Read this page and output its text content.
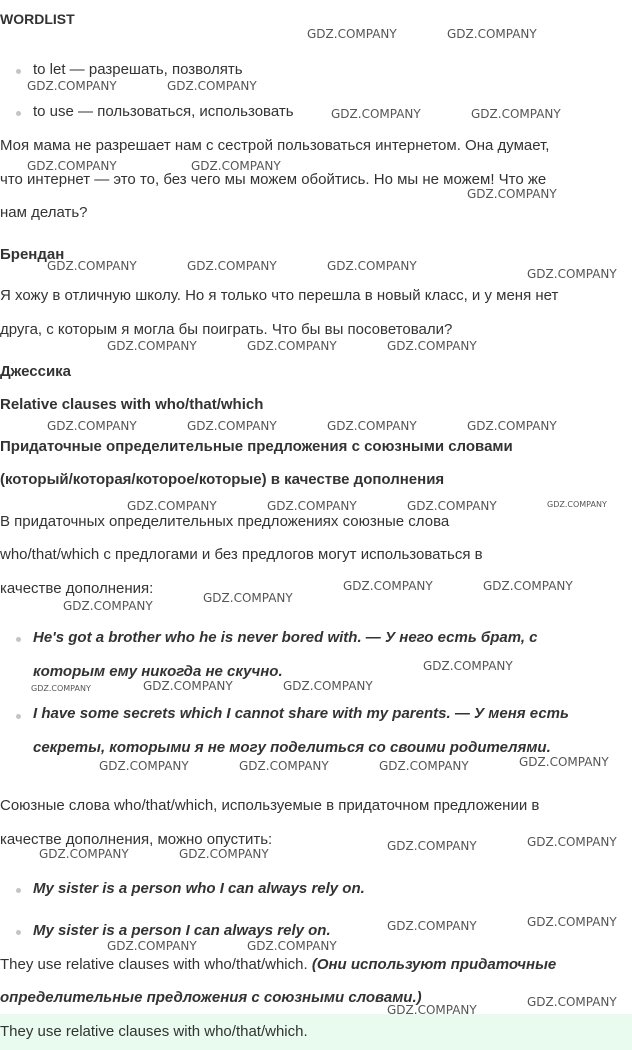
WORDLIST
to let — разрешать, позволять
to use — пользоваться, использовать
Моя мама не разрешает нам с сестрой пользоваться интернетом. Она думает,
что интернет — это то, без чего мы можем обойтись. Но мы не можем! Что же
нам делать?
Брендан
Я хожу в отличную школу. Но я только что перешла в новый класс, и у меня нет
друга, с которым я могла бы поиграть. Что бы вы посоветовали?
Джессика
Relative clauses with who/that/which
Придаточные определительные предложения с союзными словами
(который/которая/которое/которые) в качестве дополнения
В придаточных определительных предложениях союзные слова
who/that/which с предлогами и без предлогов могут использоваться в
качестве дополнения:
He's got a brother who he is never bored with. — У него есть брат, с
которым ему никогда не скучно.
I have some secrets which I cannot share with my parents. — У меня есть
секреты, которыми я не могу поделиться со своими родителями.
Союзные слова who/that/which, используемые в придаточном предложении в
качестве дополнения, можно опустить:
My sister is a person who I can always rely on.
My sister is a person I can always rely on.
They use relative clauses with who/that/which. (Они используют придаточные
определительные предложения с союзными словами.)
They use relative clauses with who/that/which.
GDZ.COMPANY	GDZ.COMPANY
GDZ.COMPANY	GDZ.COMPANY
GDZ.COMPANY	GDZ.COMPANY
GDZ.COMPANY	GDZ.COMPANY
GDZ.COMPANY
GDZ.COMPANY	GDZ.COMPANY	GDZ.COMPANY
GDZ.COMPANY
GDZ.COMPANY	GDZ.COMPANY	GDZ.COMPANY
GDZ.COMPANY	GDZ.COMPANY	GDZ.COMPANY	GDZ.COMPANY
GDZ.COMPANY	GDZ.COMPANY	GDZ.COMPANY	GDZ.COMPANY
GDZ.COMPANY	GDZ.COMPANY
GDZ.COMPANY
GDZ.COMPANY
GDZ.COMPANY
GDZ.COMPANY	GDZ.COMPANY	GDZ.COMPANY
GDZ.COMPANY	GDZ.COMPANY	GDZ.COMPANY	GDZ.COMPANY
GDZ.COMPANY	GDZ.COMPANY
GDZ.COMPANY	GDZ.COMPANY
GDZ.COMPANY	GDZ.COMPANY
GDZ.COMPANY	GDZ.COMPANY
GDZ.COMPANY
GDZ.COMPANY
